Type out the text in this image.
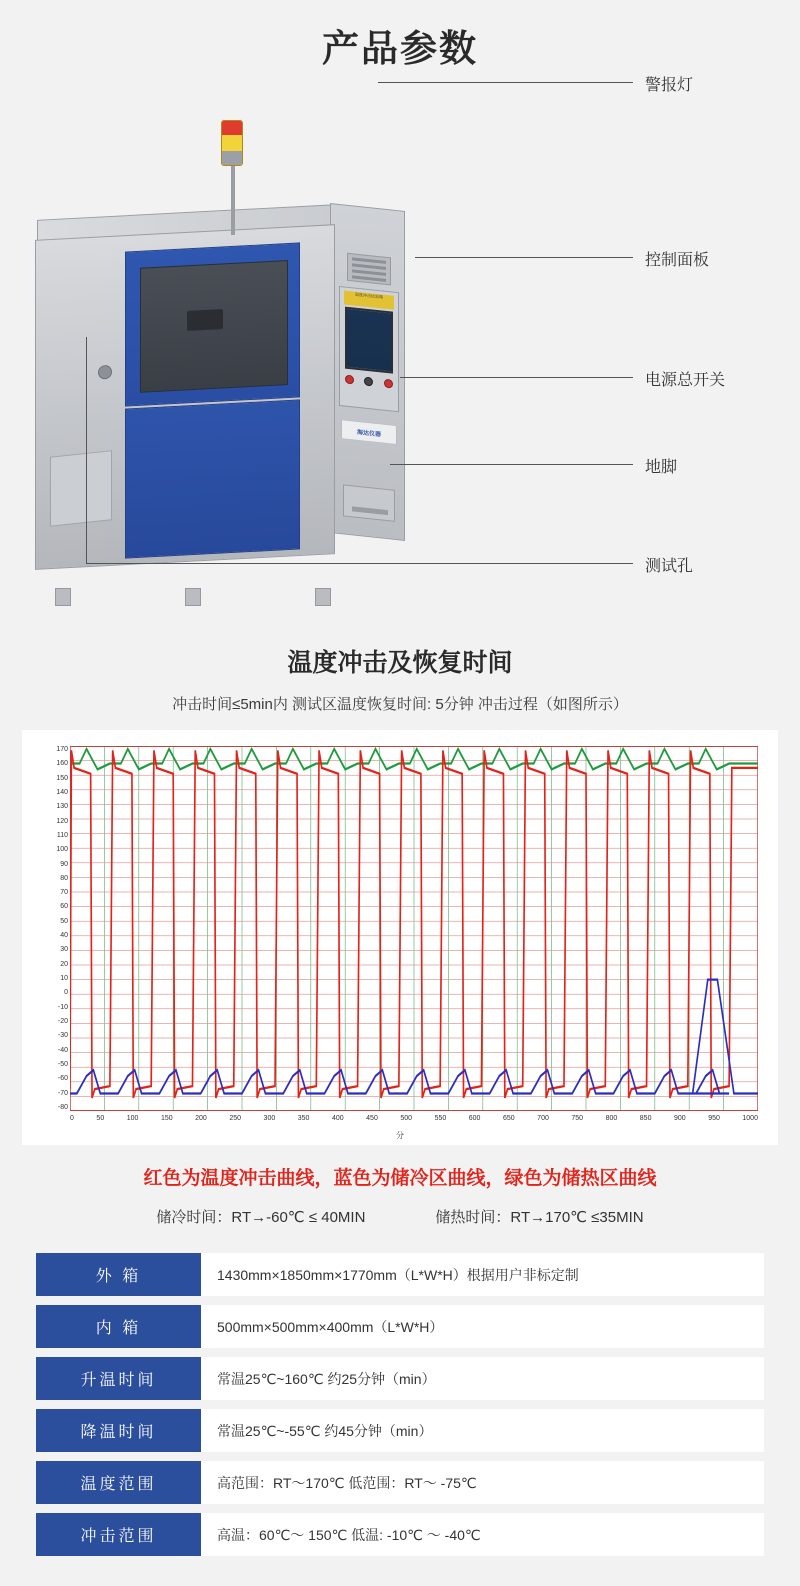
产品参数
温度冲击试验箱
海达仪器
警报灯
控制面板
电源总开关
地脚
测试孔
温度冲击及恢复时间
冲击时间≤5min内 测试区温度恢复时间: 5分钟 冲击过程（如图所示）
170
160
150
140
130
120
110
100
90
80
70
60
50
40
30
20
10
0
-10
-20
-30
-40
-50
-60
-70
-80
0	50	100	150	200	250	300	350	400	450	500	550	600	650	700	750	800	850	900	950	1000
分
红色为温度冲击曲线，蓝色为储冷区曲线，绿色为储热区曲线
储冷时间：RT→-60℃ ≤ 40MIN	储热时间：RT→170℃ ≤35MIN
外 箱	1430mm×1850mm×1770mm（L*W*H）根据用户非标定制
内 箱	500mm×500mm×400mm（L*W*H）
升温时间	常温25℃~160℃ 约25分钟（min）
降温时间	常温25℃~-55℃ 约45分钟（min）
温度范围	高范围：RT～170℃ 低范围：RT～ -75℃
冲击范围	高温：60℃～ 150℃ 低温: -10℃ ～ -40℃
